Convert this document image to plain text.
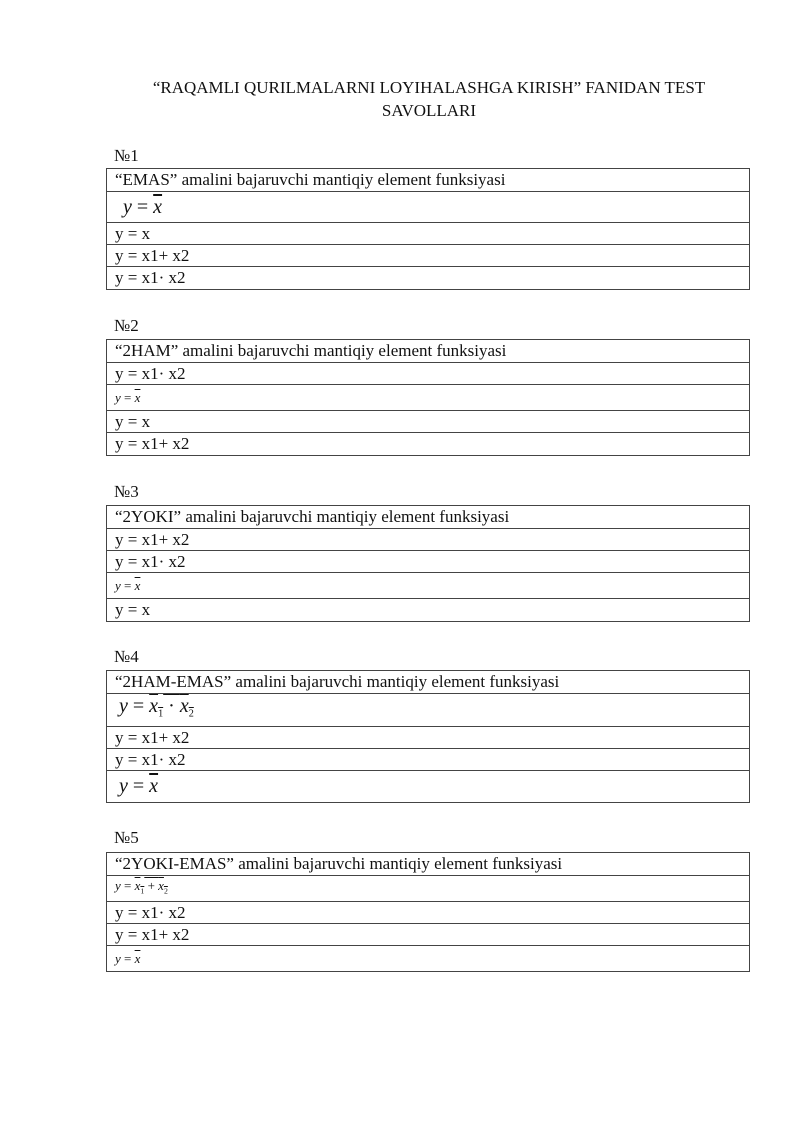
“RAQAMLI QURILMALARNI LOYIHALASHGA KIRISH” FANIDAN TEST SAVOLLARI
№1
“EMAS” amalini bajaruvchi mantiqiy element funksiyasi
$y = \overline{x}$
y = x
y = x1+ x2
y = x1· x2
№2
“2HAM” amalini bajaruvchi mantiqiy element funksiyasi
y = x1· x2
$y = \overline{x}$
y = x
y = x1+ x2
№3
“2YOKI” amalini bajaruvchi mantiqiy element funksiyasi
y = x1+ x2
y = x1· x2
$y = \overline{x}$
y = x
№4
“2HAM-EMAS” amalini bajaruvchi mantiqiy element funksiyasi
$y = x_1 \cdot x_2$
y = x1+ x2
y = x1· x2
$y = \overline{x}$
№5
“2YOKI-EMAS” amalini bajaruvchi mantiqiy element funksiyasi
$y = x_1 + x_2$
y = x1· x2
y = x1+ x2
$y = \overline{x}$
